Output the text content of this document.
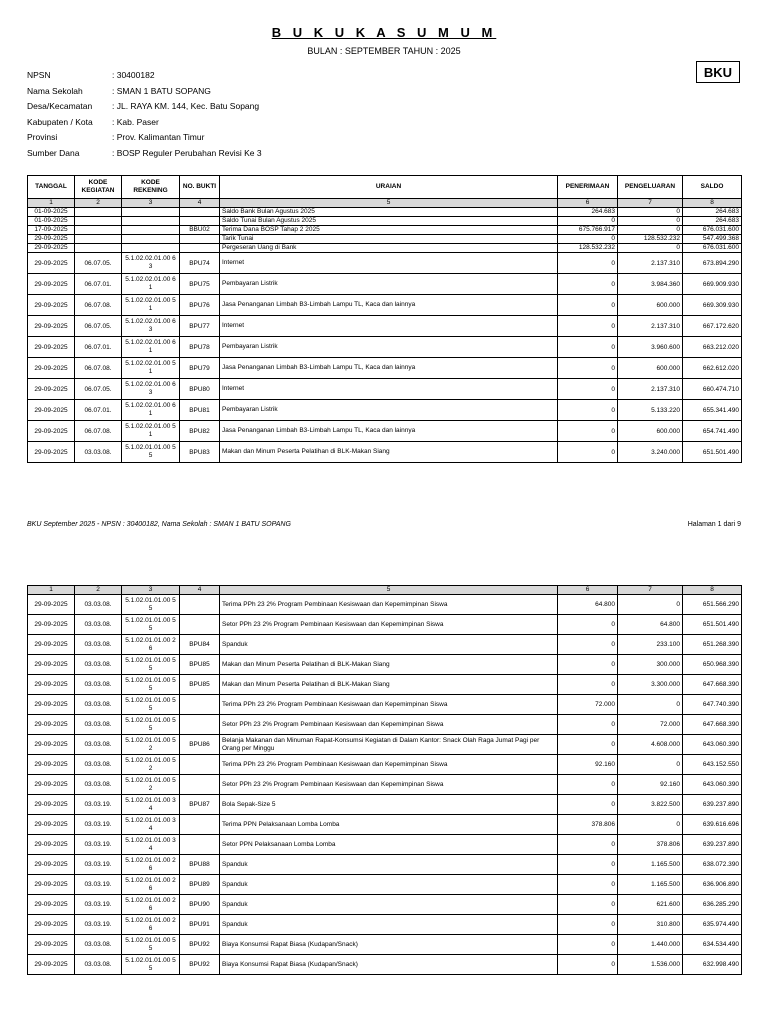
B U K U K A S U M U M
BULAN : SEPTEMBER TAHUN : 2025
BKU
NPSN	: 30400182
Nama Sekolah	: SMAN 1 BATU SOPANG
Desa/Kecamatan	: JL. RAYA KM. 144, Kec. Batu Sopang
Kabupaten / Kota	: Kab. Paser
Provinsi	: Prov. Kalimantan Timur
Sumber Dana	: BOSP Reguler Perubahan Revisi Ke 3
TANGGAL	KODE KEGIATAN	KODE REKENING	NO. BUKTI	URAIAN	PENERIMAAN	PENGELUARAN	SALDO
1	2	3	4	5	6	7	8
01-09-2025				Saldo Bank Bulan Agustus 2025	264.683	0	264.683
01-09-2025				Saldo Tunai Bulan Agustus 2025	0	0	264.683
17-09-2025			BBU02	Terima Dana BOSP Tahap 2 2025	675.766.917	0	676.031.600
29-09-2025				Tarik Tunai	0	128.532.232	547.499.368
29-09-2025				Pergeseran Uang di Bank	128.532.232	0	676.031.600
29-09-2025	06.07.05.	5.1.02.02.01.00 63	BPU74	Internet	0	2.137.310	673.894.290
29-09-2025	06.07.01.	5.1.02.02.01.00 61	BPU75	Pembayaran Listrik	0	3.984.360	669.909.930
29-09-2025	06.07.08.	5.1.02.02.01.00 51	BPU76	Jasa Penanganan Limbah B3-Limbah Lampu TL, Kaca dan lainnya	0	600.000	669.309.930
29-09-2025	06.07.05.	5.1.02.02.01.00 63	BPU77	Internet	0	2.137.310	667.172.620
29-09-2025	06.07.01.	5.1.02.02.01.00 61	BPU78	Pembayaran Listrik	0	3.960.600	663.212.020
29-09-2025	06.07.08.	5.1.02.02.01.00 51	BPU79	Jasa Penanganan Limbah B3-Limbah Lampu TL, Kaca dan lainnya	0	600.000	662.612.020
29-09-2025	06.07.05.	5.1.02.02.01.00 63	BPU80	Internet	0	2.137.310	660.474.710
29-09-2025	06.07.01.	5.1.02.02.01.00 61	BPU81	Pembayaran Listrik	0	5.133.220	655.341.490
29-09-2025	06.07.08.	5.1.02.02.01.00 51	BPU82	Jasa Penanganan Limbah B3-Limbah Lampu TL, Kaca dan lainnya	0	600.000	654.741.490
29-09-2025	03.03.08.	5.1.02.01.01.00 55	BPU83	Makan dan Minum Peserta Pelatihan di BLK-Makan Siang	0	3.240.000	651.501.490
BKU September 2025 - NPSN : 30400182, Nama Sekolah : SMAN 1 BATU SOPANG	Halaman 1 dari 9
1	2	3	4	5	6	7	8
29-09-2025	03.03.08.	5.1.02.01.01.00 55		Terima PPh 23 2% Program Pembinaan Kesiswaan dan Kepemimpinan Siswa	64.800	0	651.566.290
29-09-2025	03.03.08.	5.1.02.01.01.00 55		Setor PPh 23 2% Program Pembinaan Kesiswaan dan Kepemimpinan Siswa	0	64.800	651.501.490
29-09-2025	03.03.08.	5.1.02.01.01.00 26	BPU84	Spanduk	0	233.100	651.268.390
29-09-2025	03.03.08.	5.1.02.01.01.00 55	BPU85	Makan dan Minum Peserta Pelatihan di BLK-Makan Siang	0	300.000	650.968.390
29-09-2025	03.03.08.	5.1.02.01.01.00 55	BPU85	Makan dan Minum Peserta Pelatihan di BLK-Makan Siang	0	3.300.000	647.668.390
29-09-2025	03.03.08.	5.1.02.01.01.00 55		Terima PPh 23 2% Program Pembinaan Kesiswaan dan Kepemimpinan Siswa	72.000	0	647.740.390
29-09-2025	03.03.08.	5.1.02.01.01.00 55		Setor PPh 23 2% Program Pembinaan Kesiswaan dan Kepemimpinan Siswa	0	72.000	647.668.390
29-09-2025	03.03.08.	5.1.02.01.01.00 52	BPU86	Belanja Makanan dan Minuman Rapat-Konsumsi Kegiatan di Dalam Kantor: Snack Olah Raga Jumat Pagi per Orang per Minggu	0	4.608.000	643.060.390
29-09-2025	03.03.08.	5.1.02.01.01.00 52		Terima PPh 23 2% Program Pembinaan Kesiswaan dan Kepemimpinan Siswa	92.160	0	643.152.550
29-09-2025	03.03.08.	5.1.02.01.01.00 52		Setor PPh 23 2% Program Pembinaan Kesiswaan dan Kepemimpinan Siswa	0	92.160	643.060.390
29-09-2025	03.03.19.	5.1.02.01.01.00 34	BPU87	Bola Sepak-Size 5	0	3.822.500	639.237.890
29-09-2025	03.03.19.	5.1.02.01.01.00 34		Terima PPN Pelaksanaan Lomba Lomba	378.806	0	639.616.696
29-09-2025	03.03.19.	5.1.02.01.01.00 34		Setor PPN Pelaksanaan Lomba Lomba	0	378.806	639.237.890
29-09-2025	03.03.19.	5.1.02.01.01.00 26	BPU88	Spanduk	0	1.165.500	638.072.390
29-09-2025	03.03.19.	5.1.02.01.01.00 26	BPU89	Spanduk	0	1.165.500	636.906.890
29-09-2025	03.03.19.	5.1.02.01.01.00 26	BPU90	Spanduk	0	621.600	636.285.290
29-09-2025	03.03.19.	5.1.02.01.01.00 26	BPU91	Spanduk	0	310.800	635.974.490
29-09-2025	03.03.08.	5.1.02.01.01.00 55	BPU92	Biaya Konsumsi Rapat Biasa (Kudapan/Snack)	0	1.440.000	634.534.490
29-09-2025	03.03.08.	5.1.02.01.01.00 55	BPU92	Biaya Konsumsi Rapat Biasa (Kudapan/Snack)	0	1.536.000	632.998.490
